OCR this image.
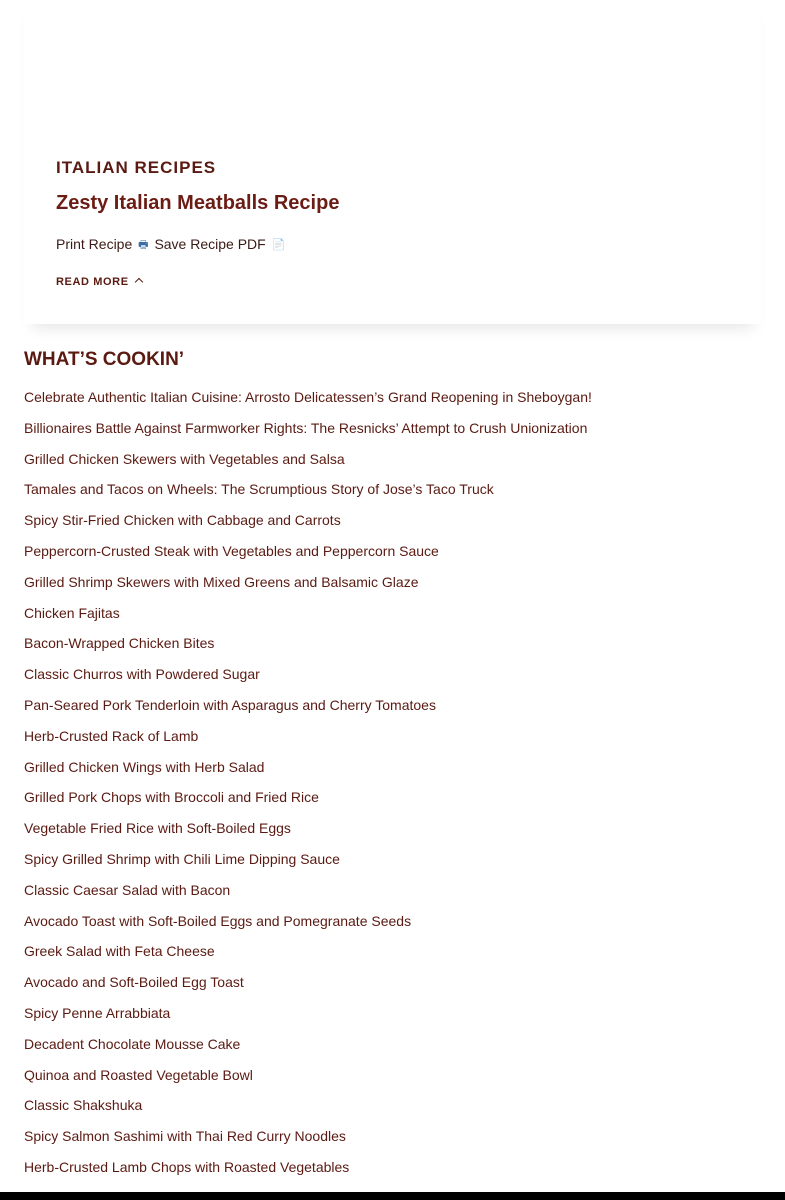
ITALIAN RECIPES
Zesty Italian Meatballs Recipe
Print Recipe 🖶 Save Recipe PDF 📄
READ MORE
WHAT’S COOKIN’
Celebrate Authentic Italian Cuisine: Arrosto Delicatessen’s Grand Reopening in Sheboygan!
Billionaires Battle Against Farmworker Rights: The Resnicks’ Attempt to Crush Unionization
Grilled Chicken Skewers with Vegetables and Salsa
Tamales and Tacos on Wheels: The Scrumptious Story of Jose’s Taco Truck
Spicy Stir-Fried Chicken with Cabbage and Carrots
Peppercorn-Crusted Steak with Vegetables and Peppercorn Sauce
Grilled Shrimp Skewers with Mixed Greens and Balsamic Glaze
Chicken Fajitas
Bacon-Wrapped Chicken Bites
Classic Churros with Powdered Sugar
Pan-Seared Pork Tenderloin with Asparagus and Cherry Tomatoes
Herb-Crusted Rack of Lamb
Grilled Chicken Wings with Herb Salad
Grilled Pork Chops with Broccoli and Fried Rice
Vegetable Fried Rice with Soft-Boiled Eggs
Spicy Grilled Shrimp with Chili Lime Dipping Sauce
Classic Caesar Salad with Bacon
Avocado Toast with Soft-Boiled Eggs and Pomegranate Seeds
Greek Salad with Feta Cheese
Avocado and Soft-Boiled Egg Toast
Spicy Penne Arrabbiata
Decadent Chocolate Mousse Cake
Quinoa and Roasted Vegetable Bowl
Classic Shakshuka
Spicy Salmon Sashimi with Thai Red Curry Noodles
Herb-Crusted Lamb Chops with Roasted Vegetables
